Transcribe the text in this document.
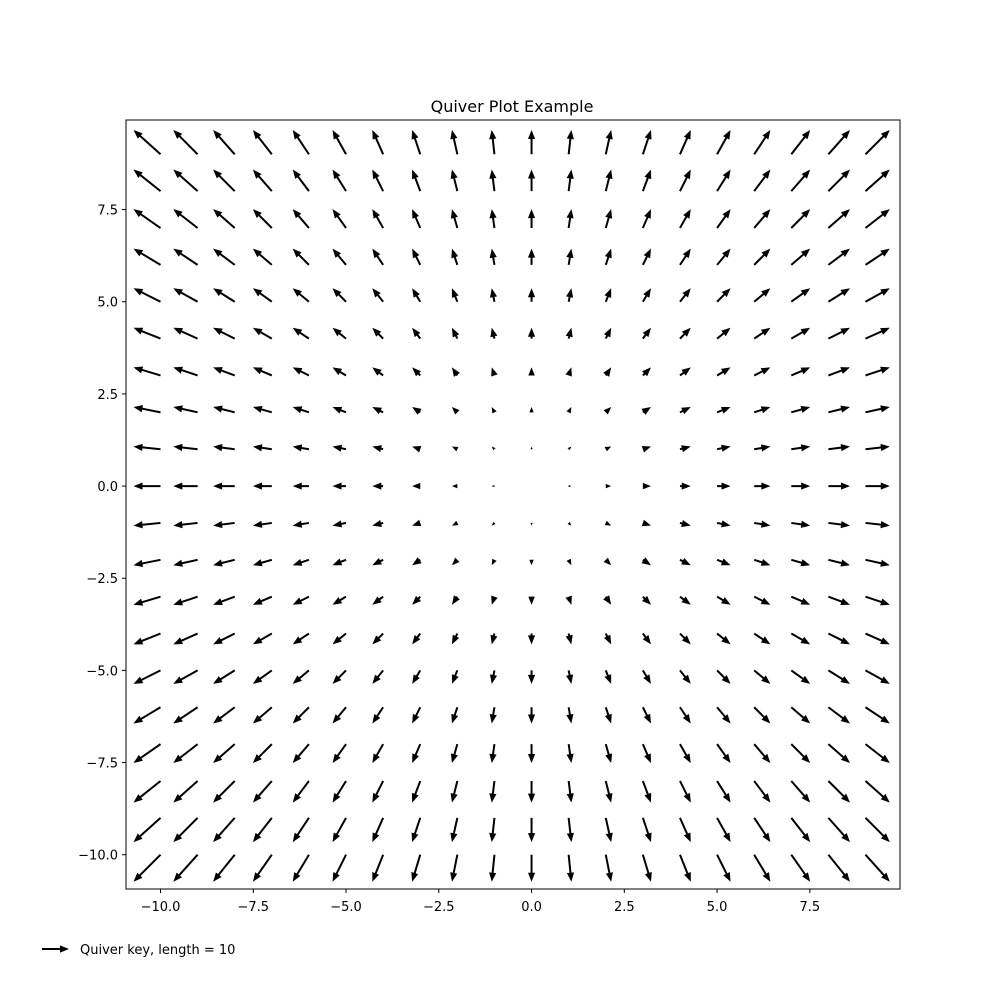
Quiver Plot Example
−10.0	−7.5	−5.0	−2.5	0.0	2.5	5.0	7.5
−10.0
−7.5
−5.0
−2.5
0.0
2.5
5.0
7.5
Quiver key, length = 10
